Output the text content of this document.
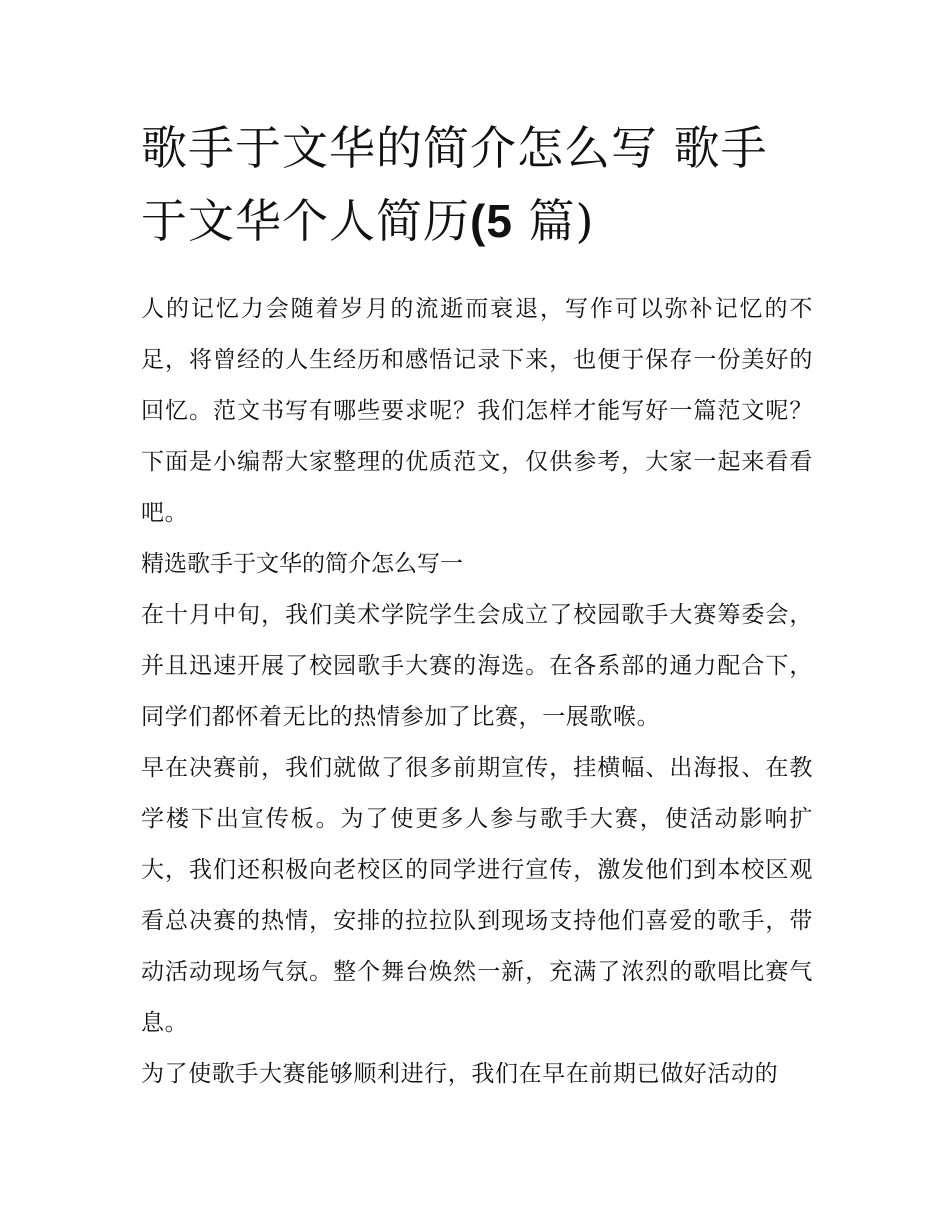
歌手于文华的简介怎么写 歌手于文华个人简历(5 篇)

人的记忆力会随着岁月的流逝而衰退，写作可以弥补记忆的不足，将曾经的人生经历和感悟记录下来，也便于保存一份美好的回忆。范文书写有哪些要求呢？我们怎样才能写好一篇范文呢？下面是小编帮大家整理的优质范文，仅供参考，大家一起来看看吧。

精选歌手于文华的简介怎么写一

在十月中旬，我们美术学院学生会成立了校园歌手大赛筹委会，并且迅速开展了校园歌手大赛的海选。在各系部的通力配合下，同学们都怀着无比的热情参加了比赛，一展歌喉。

早在决赛前，我们就做了很多前期宣传，挂横幅、出海报、在教学楼下出宣传板。为了使更多人参与歌手大赛，使活动影响扩大，我们还积极向老校区的同学进行宣传，激发他们到本校区观看总决赛的热情，安排的拉拉队到现场支持他们喜爱的歌手，带动活动现场气氛。整个舞台焕然一新，充满了浓烈的歌唱比赛气息。

为了使歌手大赛能够顺利进行，我们在早在前期已做好活动的
